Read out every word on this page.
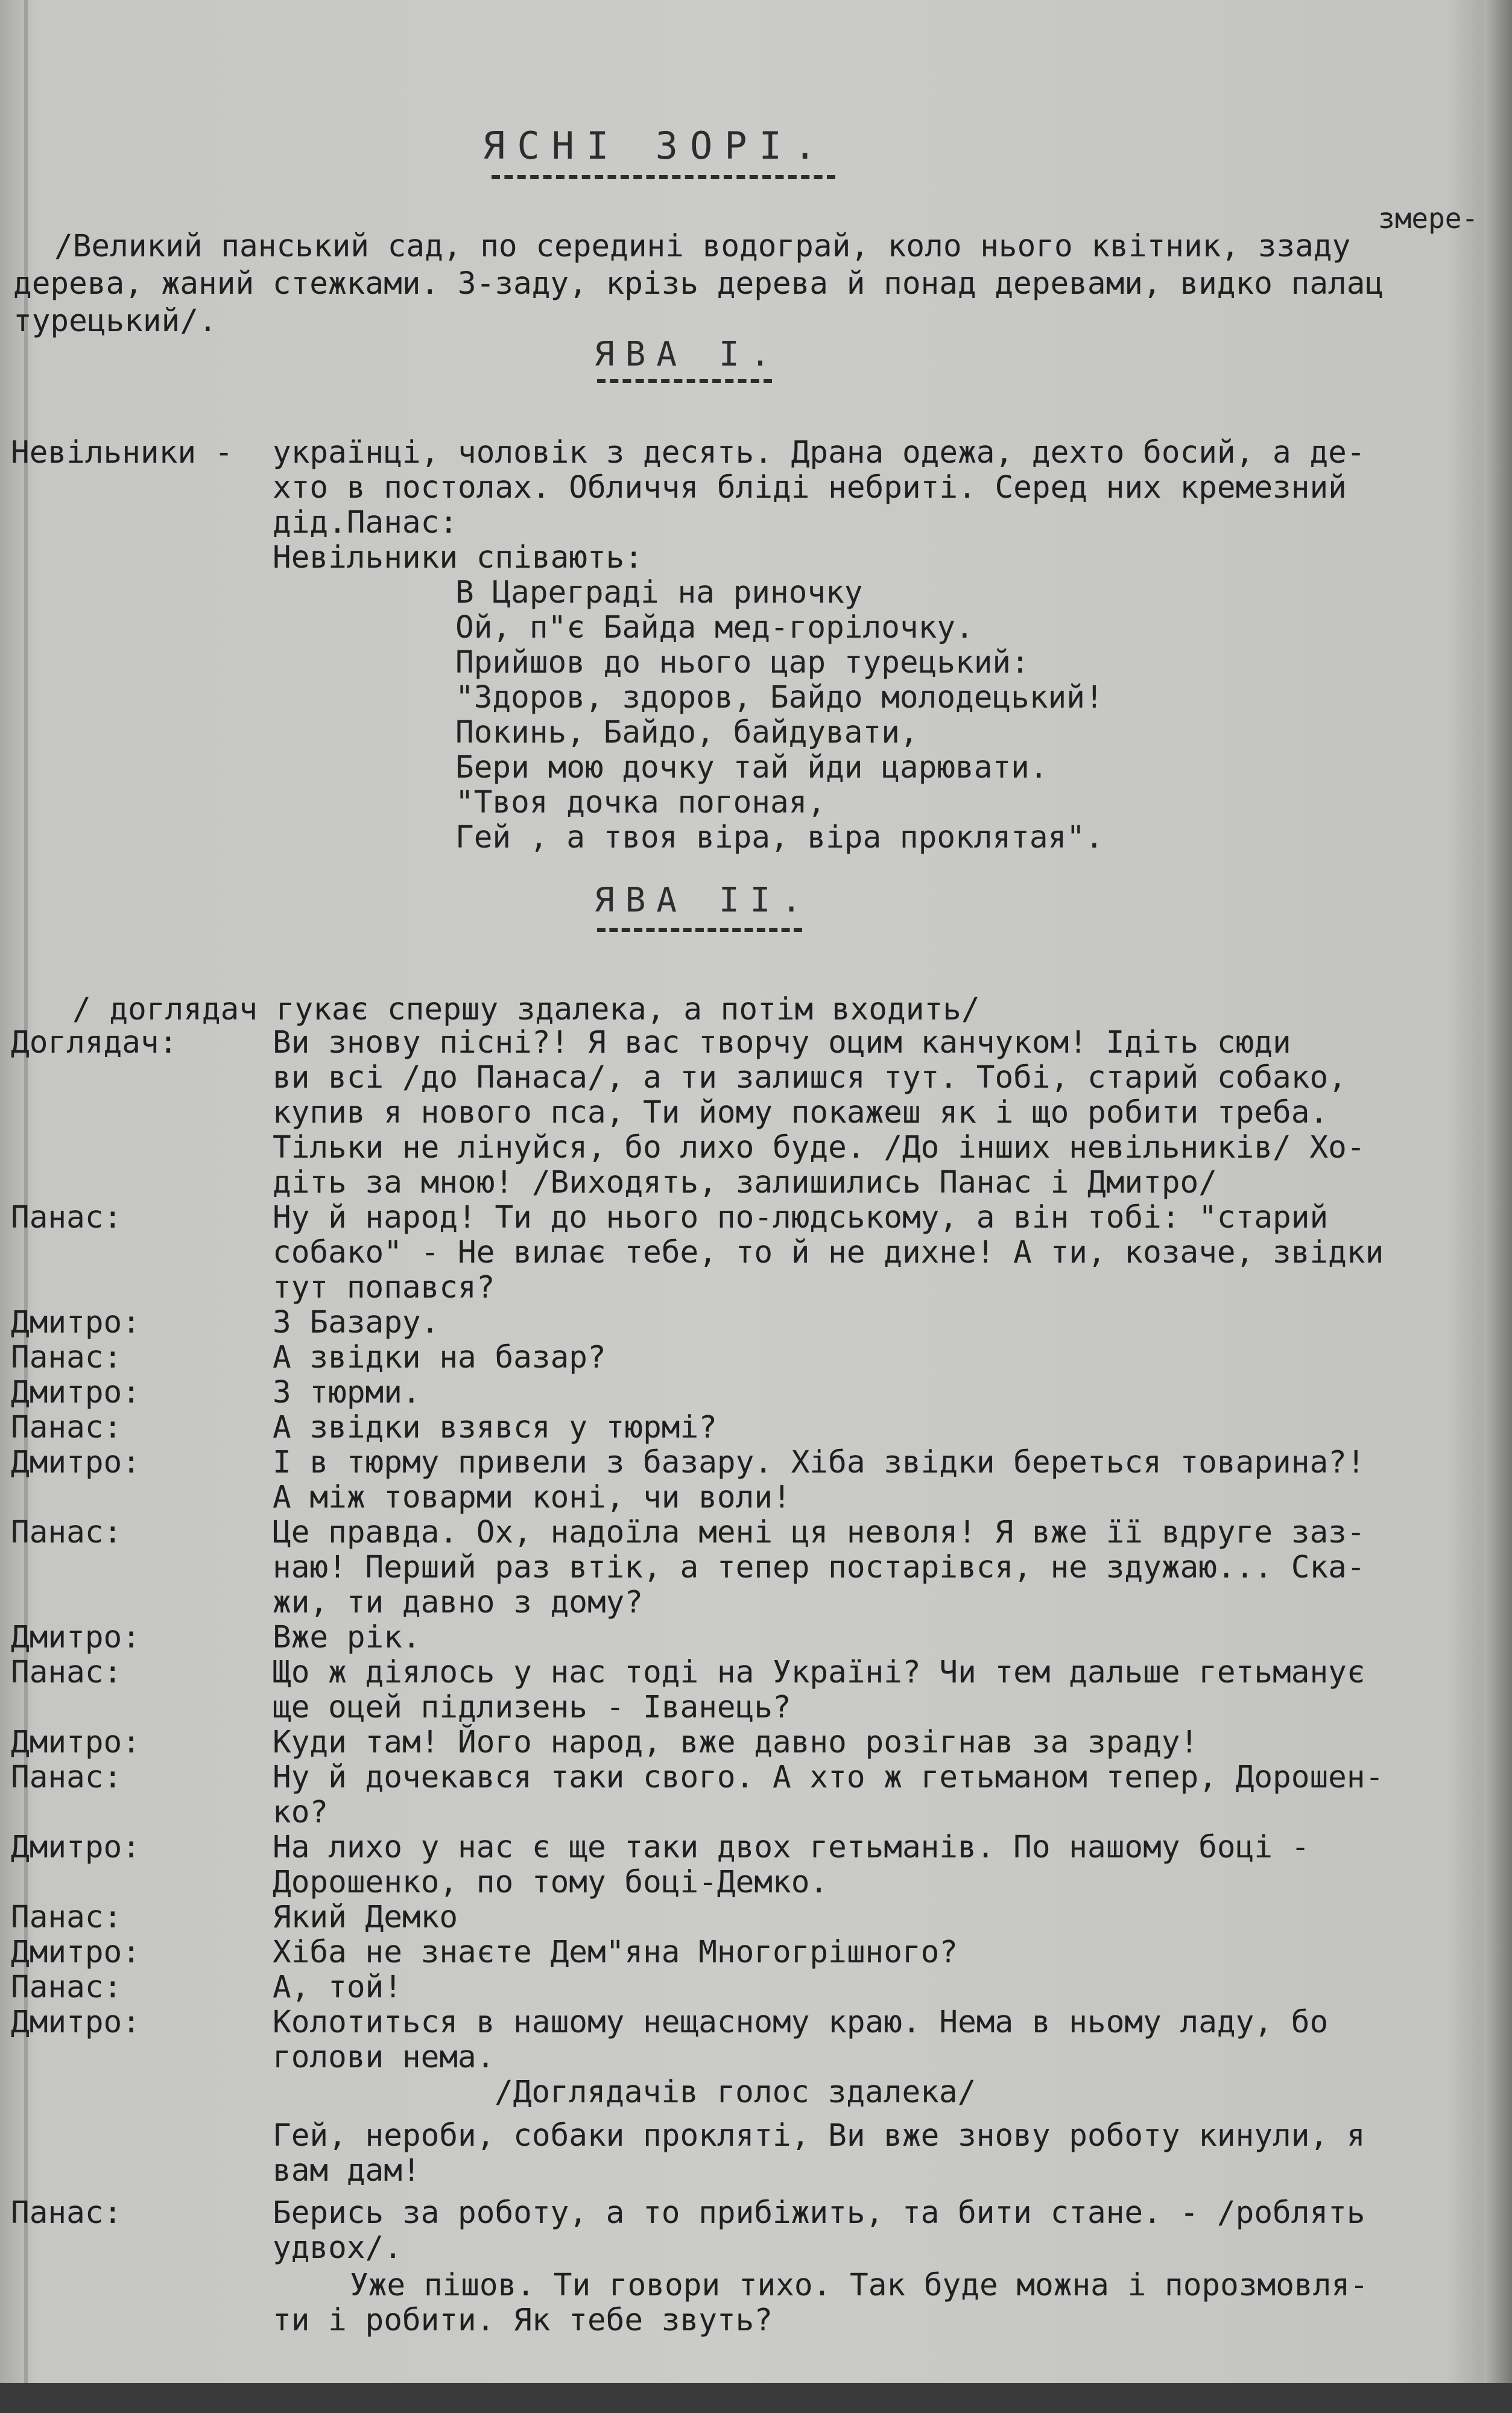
ЯСНІ ЗОРІ.
змере-
/Великий панський сад, по середині водограй, коло нього квітник, ззаду
дерева, жаний стежками. З-заду, крізь дерева й понад деревами, видко палац
турецький/.
ЯВА І.
Невільники - українці, чоловік з десять. Драна одежа, дехто босий, а де-
хто в постолах. Обличчя бліді небриті. Серед них кремезний
дід.Панас:
Невільники співають:
В Цареграді на риночку
Ой, п"є Байда мед-горілочку.
Прийшов до нього цар турецький:
"Здоров, здоров, Байдо молодецький!
Покинь, Байдо, байдувати,
Бери мою дочку тай йди царювати.
"Твоя дочка погоная,
Гей , а твоя віра, віра проклятая".
ЯВА ІІ.
/ доглядач гукає спершу здалека, а потім входить/
Доглядач:	Ви знову пісні?! Я вас творчу оцим канчуком! Ідіть сюди
ви всі /до Панаса/, а ти залишся тут. Тобі, старий собако,
купив я нового пса, Ти йому покажеш як і що робити треба.
Тільки не лінуйся, бо лихо буде. /До інших невільників/ Хо-
діть за мною! /Виходять, залишились Панас і Дмитро/
Панас:	Ну й народ! Ти до нього по-людському, а він тобі: "старий
собако" - Не вилає тебе, то й не дихне! А ти, козаче, звідки
тут попався?
Дмитро:	З Базару.
Панас:	А звідки на базар?
Дмитро:	З тюрми.
Панас:	А звідки взявся у тюрмі?
Дмитро:	І в тюрму привели з базару. Хіба звідки береться товарина?!
А між товарми коні, чи воли!
Панас:	Це правда. Ох, надоїла мені ця неволя! Я вже її вдруге заз-
наю! Перший раз втік, а тепер постарівся, не здужаю... Ска-
жи, ти давно з дому?
Дмитро:	Вже рік.
Панас:	Що ж діялось у нас тоді на Україні? Чи тем дальше гетьманує
ще оцей підлизень - Іванець?
Дмитро:	Куди там! Його народ, вже давно розігнав за зраду!
Панас:	Ну й дочекався таки свого. А хто ж гетьманом тепер, Дорошен-
ко?
Дмитро:	На лихо у нас є ще таки двох гетьманів. По нашому боці -
Дорошенко, по тому боці-Демко.
Панас:	Який Демко
Дмитро:	Хіба не знаєте Дем"яна Многогрішного?
Панас:	А, той!
Дмитро:	Колотиться в нашому нещасному краю. Нема в ньому ладу, бо
голови нема.
/Доглядачів голос здалека/
Гей, нероби, собаки прокляті, Ви вже знову роботу кинули, я
вам дам!
Панас:	Берись за роботу, а то прибіжить, та бити стане. - /роблять
удвох/.
Уже пішов. Ти говори тихо. Так буде можна і порозмовля-
ти і робити. Як тебе звуть?
